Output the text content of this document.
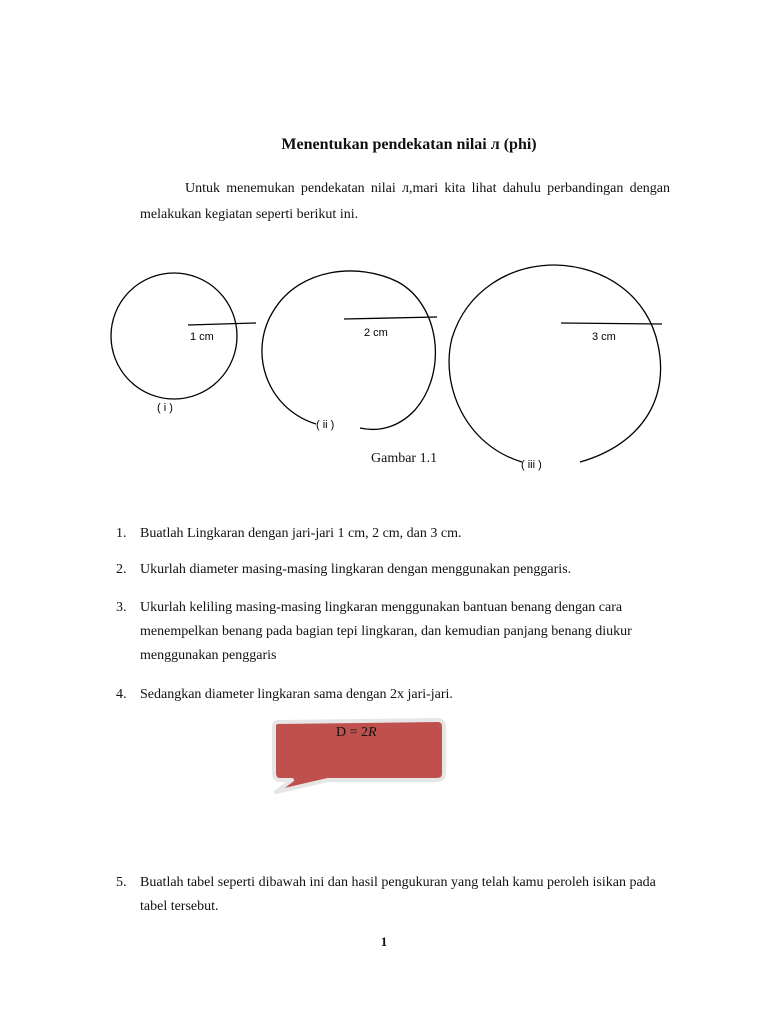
Menentukan pendekatan nilai л (phi)
Untuk menemukan pendekatan nilai л,mari kita lihat dahulu perbandingan dengan melakukan kegiatan seperti berikut ini.
1 cm
( i )
2 cm
( ii )
3 cm
( iii )
Gambar 1.1
1. Buatlah Lingkaran dengan jari-jari 1 cm, 2 cm, dan 3 cm.
2. Ukurlah diameter masing-masing lingkaran dengan menggunakan penggaris.
3. Ukurlah keliling masing-masing lingkaran menggunakan bantuan benang dengan cara menempelkan benang pada bagian tepi lingkaran, dan kemudian panjang benang diukur menggunakan penggaris
4. Sedangkan diameter lingkaran sama dengan 2x jari-jari.
D = 2R
5. Buatlah tabel seperti dibawah ini dan hasil pengukuran yang telah kamu peroleh isikan pada tabel tersebut.
1
